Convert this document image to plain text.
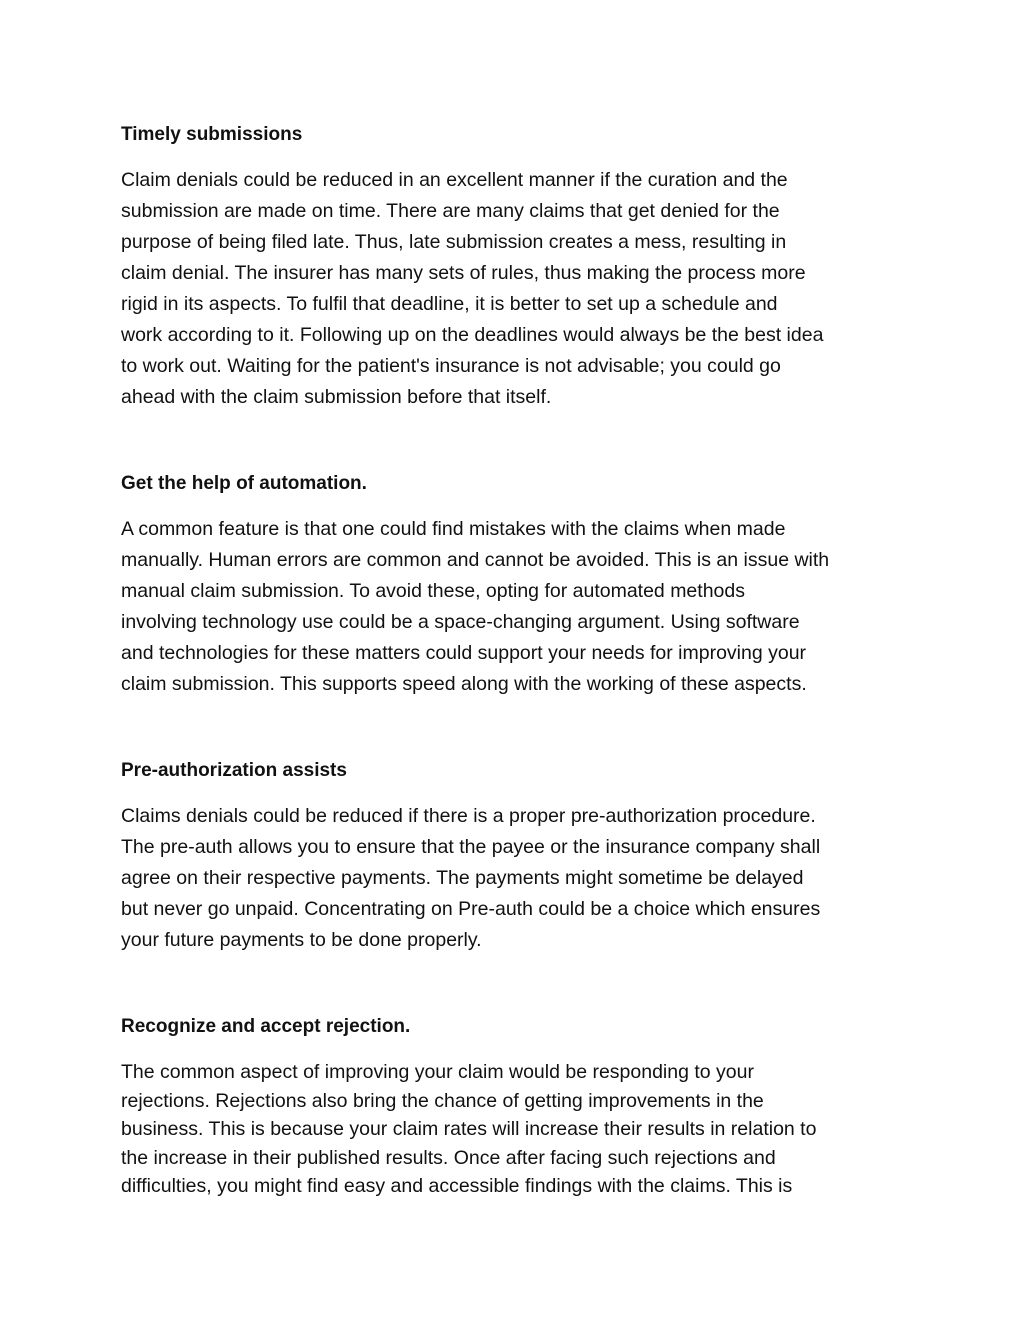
Timely submissions

Claim denials could be reduced in an excellent manner if the curation and the
submission are made on time. There are many claims that get denied for the
purpose of being filed late. Thus, late submission creates a mess, resulting in
claim denial. The insurer has many sets of rules, thus making the process more
rigid in its aspects. To fulfil that deadline, it is better to set up a schedule and
work according to it. Following up on the deadlines would always be the best idea
to work out. Waiting for the patient's insurance is not advisable; you could go
ahead with the claim submission before that itself.

Get the help of automation.

A common feature is that one could find mistakes with the claims when made
manually. Human errors are common and cannot be avoided. This is an issue with
manual claim submission. To avoid these, opting for automated methods
involving technology use could be a space-changing argument. Using software
and technologies for these matters could support your needs for improving your
claim submission. This supports speed along with the working of these aspects.

Pre-authorization assists

Claims denials could be reduced if there is a proper pre-authorization procedure.
The pre-auth allows you to ensure that the payee or the insurance company shall
agree on their respective payments. The payments might sometime be delayed
but never go unpaid. Concentrating on Pre-auth could be a choice which ensures
your future payments to be done properly.

Recognize and accept rejection.

The common aspect of improving your claim would be responding to your
rejections. Rejections also bring the chance of getting improvements in the
business. This is because your claim rates will increase their results in relation to
the increase in their published results. Once after facing such rejections and
difficulties, you might find easy and accessible findings with the claims. This is
